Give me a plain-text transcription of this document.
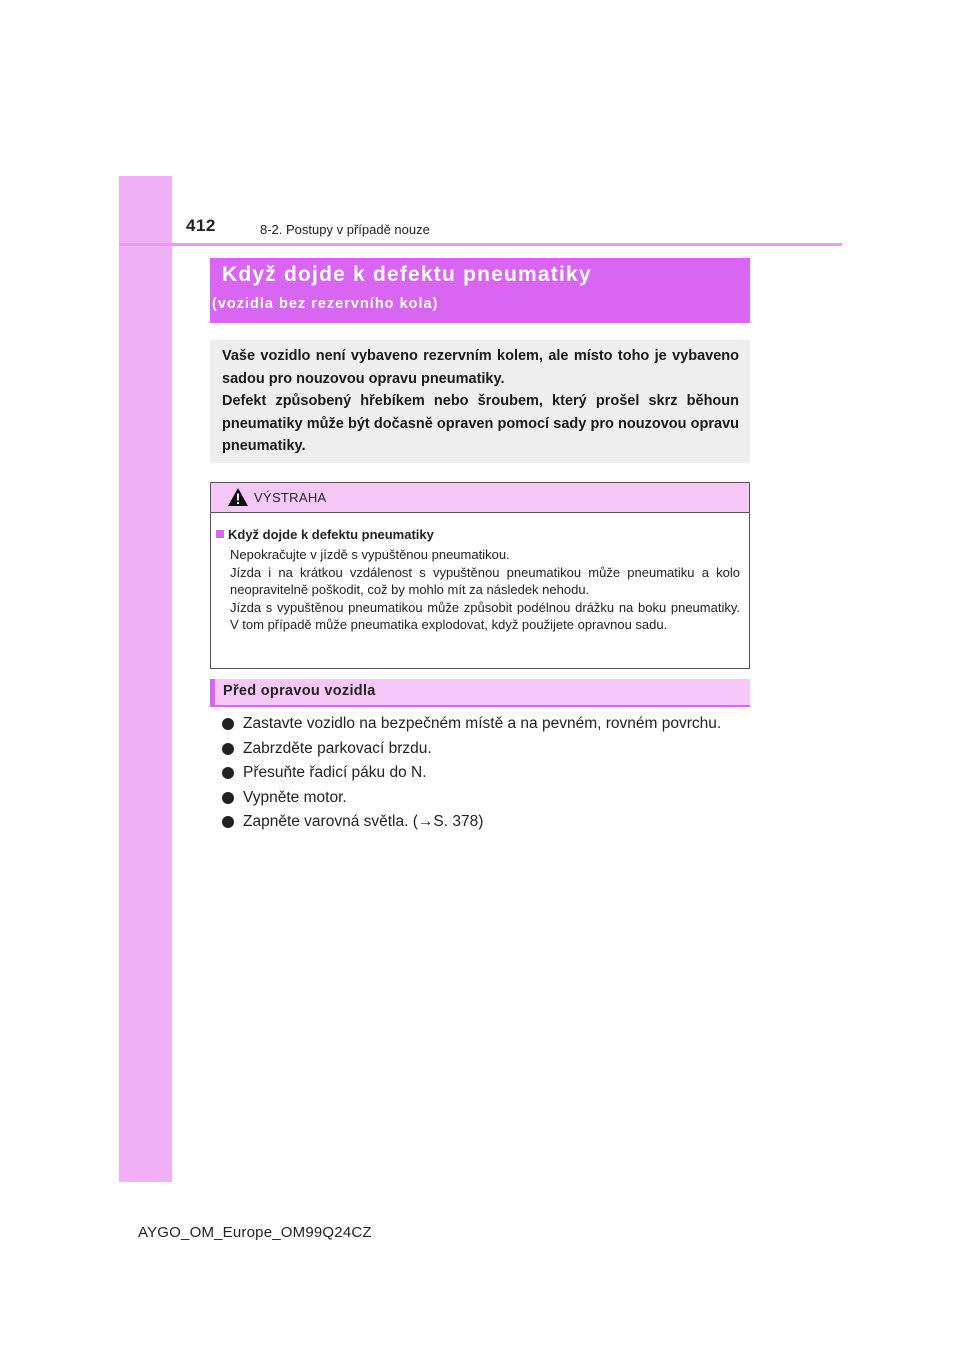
412	8-2. Postupy v případě nouze
Když dojde k defektu pneumatiky
(vozidla bez rezervního kola)

Vaše vozidlo není vybaveno rezervním kolem, ale místo toho je vybaveno sadou pro nouzovou opravu pneumatiky.

Defekt způsobený hřebíkem nebo šroubem, který prošel skrz běhoun pneumatiky může být dočasně opraven pomocí sady pro nouzovou opravu pneumatiky.

VÝSTRAHA
Když dojde k defektu pneumatiky

Nepokračujte v jízdě s vypuštěnou pneumatikou.

Jízda i na krátkou vzdálenost s vypuštěnou pneumatikou může pneumatiku a kolo neopravitelně poškodit, což by mohlo mít za následek nehodu.

Jízda s vypuštěnou pneumatikou může způsobit podélnou drážku na boku pneumatiky. V tom případě může pneumatika explodovat, když použijete opravnou sadu.

Před opravou vozidla
Zastavte vozidlo na bezpečném místě a na pevném, rovném povrchu.
Zabrzděte parkovací brzdu.
Přesuňte řadicí páku do N.
Vypněte motor.
Zapněte varovná světla. (→S. 378)
AYGO_OM_Europe_OM99Q24CZ
